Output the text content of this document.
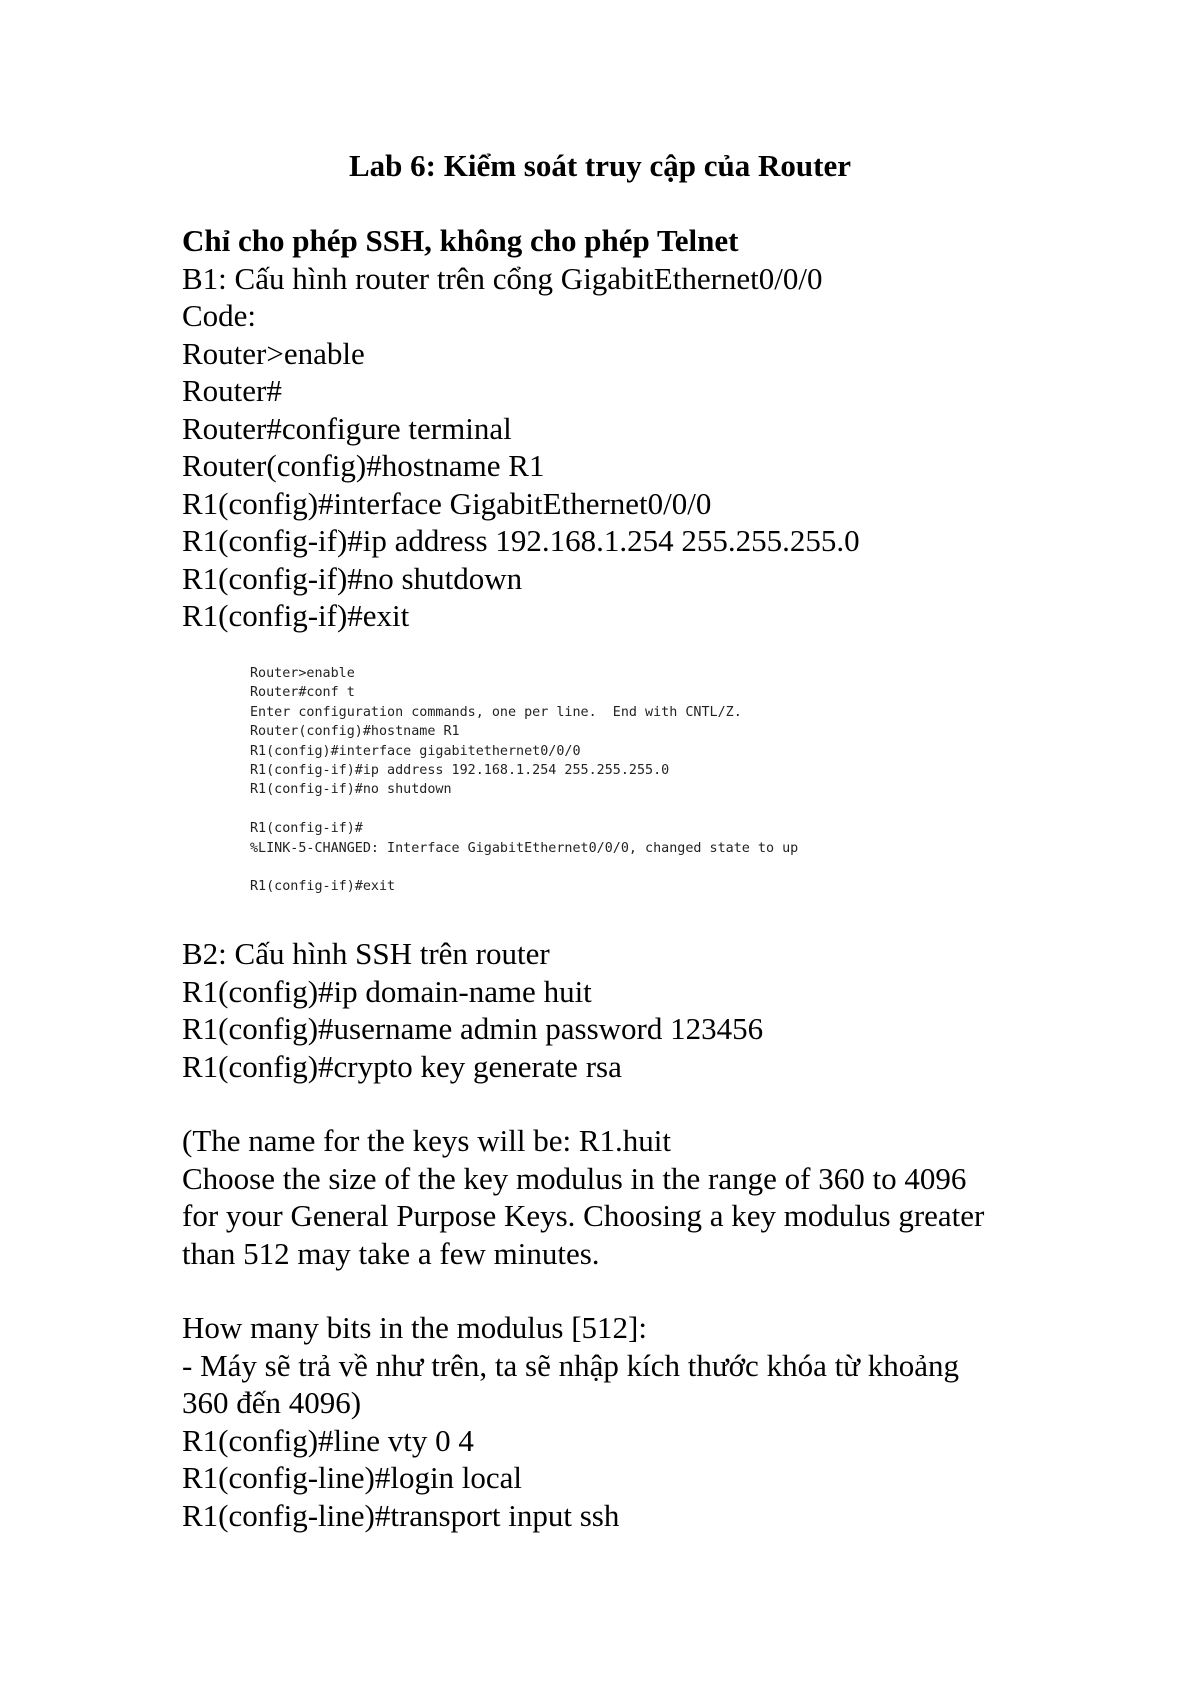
Lab 6: Kiểm soát truy cập của Router
Chỉ cho phép SSH, không cho phép Telnet
B1: Cấu hình router trên cổng GigabitEthernet0/0/0
Code:
Router>enable
Router#
Router#configure terminal
Router(config)#hostname R1
R1(config)#interface GigabitEthernet0/0/0
R1(config-if)#ip address 192.168.1.254 255.255.255.0
R1(config-if)#no shutdown
R1(config-if)#exit
Router>enable
Router#conf t
Enter configuration commands, one per line.  End with CNTL/Z.
Router(config)#hostname R1
R1(config)#interface gigabitethernet0/0/0
R1(config-if)#ip address 192.168.1.254 255.255.255.0
R1(config-if)#no shutdown
R1(config-if)#
%LINK-5-CHANGED: Interface GigabitEthernet0/0/0, changed state to up
R1(config-if)#exit
B2: Cấu hình SSH trên router
R1(config)#ip domain-name huit
R1(config)#username admin password 123456
R1(config)#crypto key generate rsa
(The name for the keys will be: R1.huit
Choose the size of the key modulus in the range of 360 to 4096
for your General Purpose Keys. Choosing a key modulus greater
than 512 may take a few minutes.
How many bits in the modulus [512]:
- Máy sẽ trả về như trên, ta sẽ nhập kích thước khóa từ khoảng
360 đến 4096)
R1(config)#line vty 0 4
R1(config-line)#login local
R1(config-line)#transport input ssh
